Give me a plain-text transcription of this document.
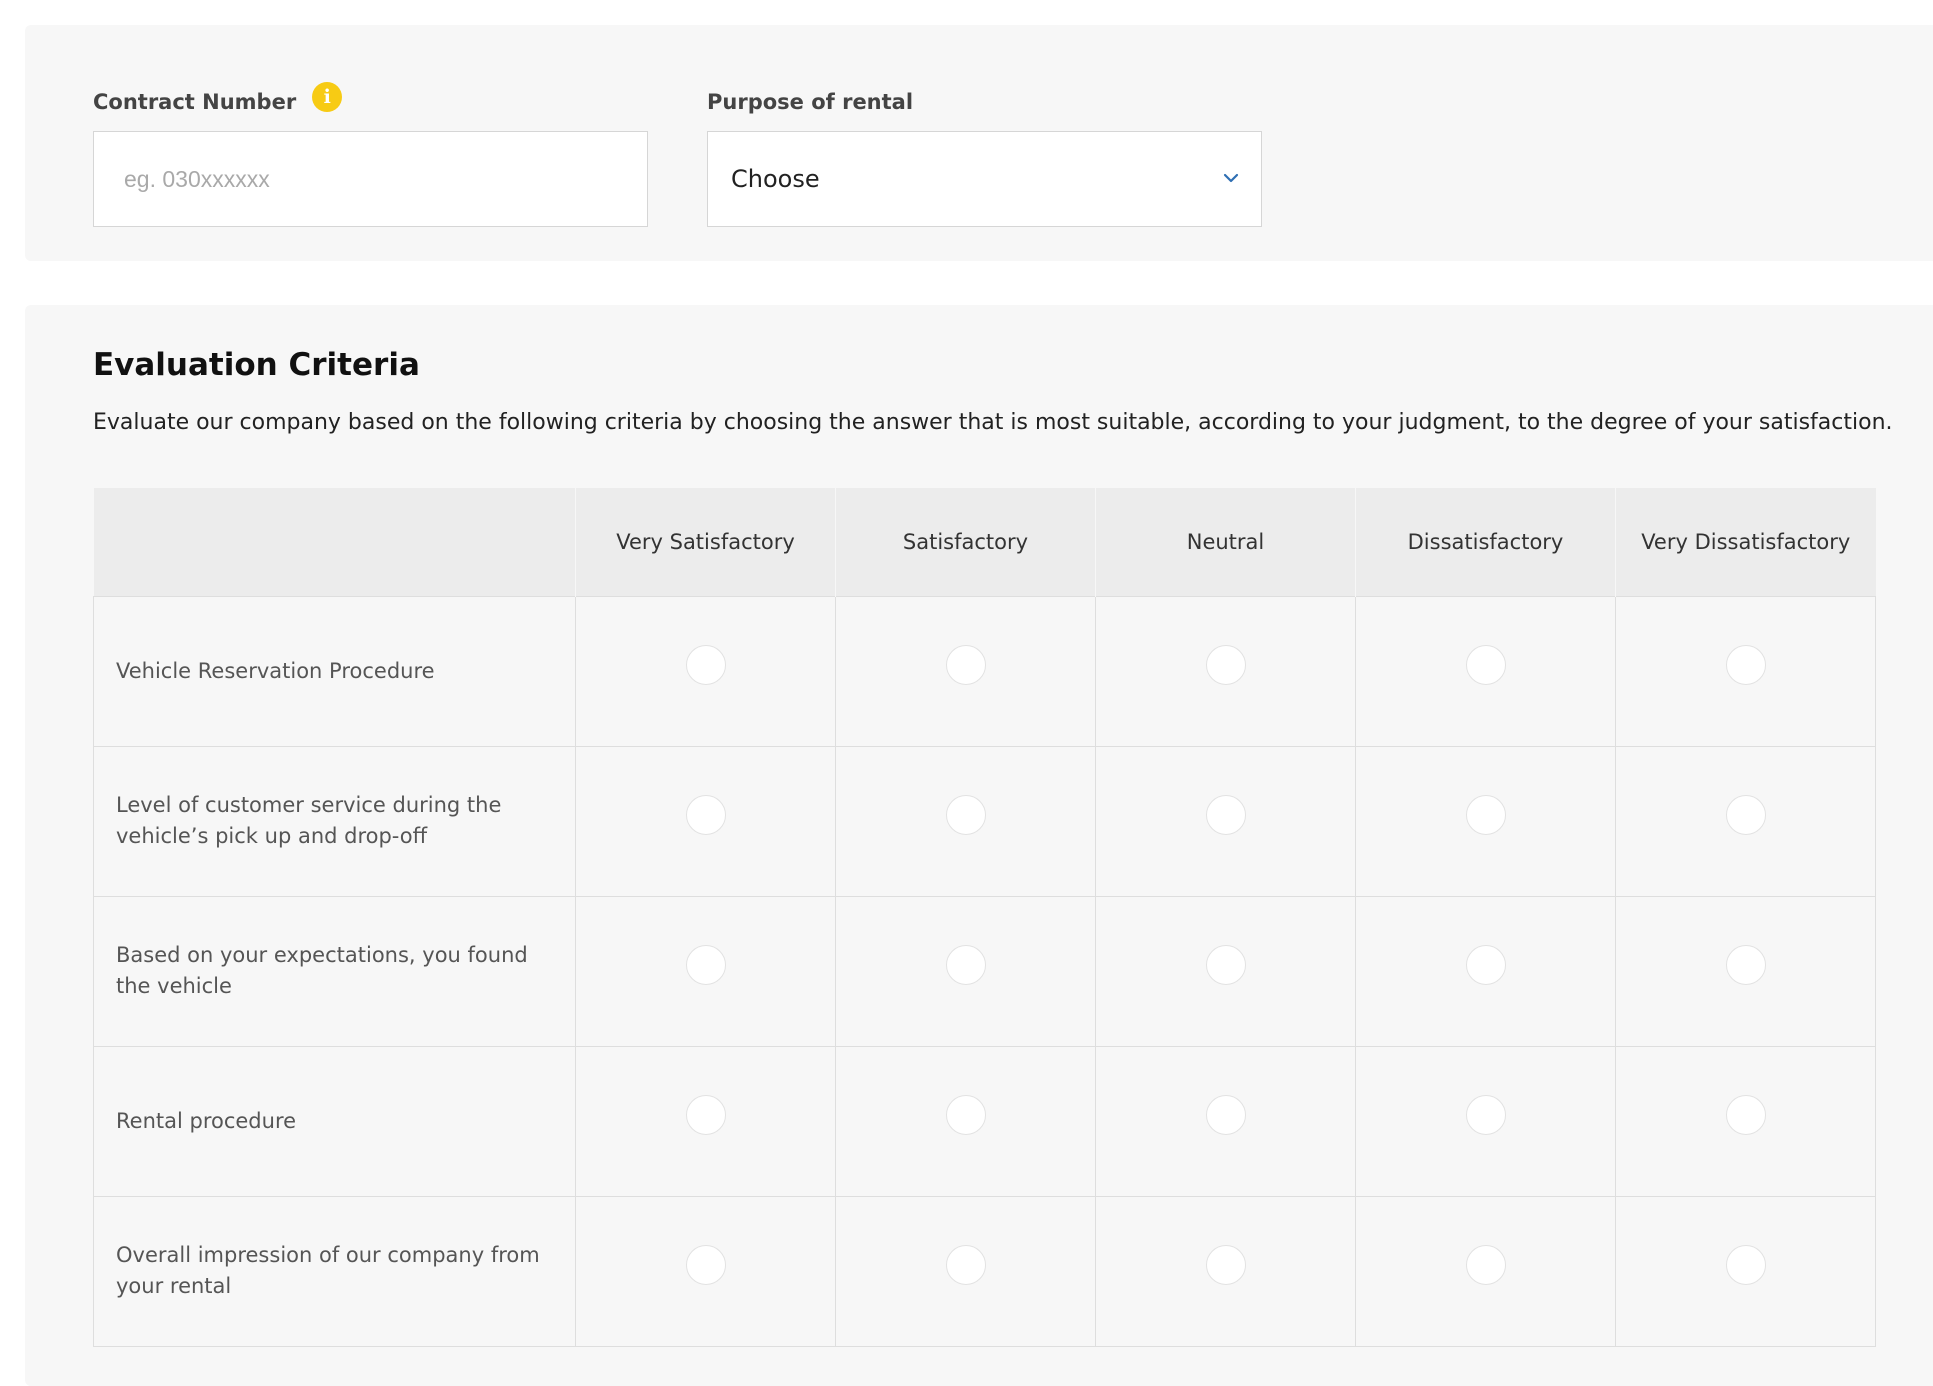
Contract Number	i
eg. 030xxxxxx	Purpose of rental
Choose
Evaluation Criteria

Evaluate our company based on the following criteria by choosing the answer that is most suitable, according to your judgment, to the degree of your satisfaction.

	Very Satisfactory	Satisfactory	Neutral	Dissatisfactory	Very Dissatisfactory
Vehicle Reservation Procedure					
Level of customer service during the vehicle’s pick up and drop-off					
Based on your expectations, you found the vehicle					
Rental procedure					
Overall impression of our company from your rental					
